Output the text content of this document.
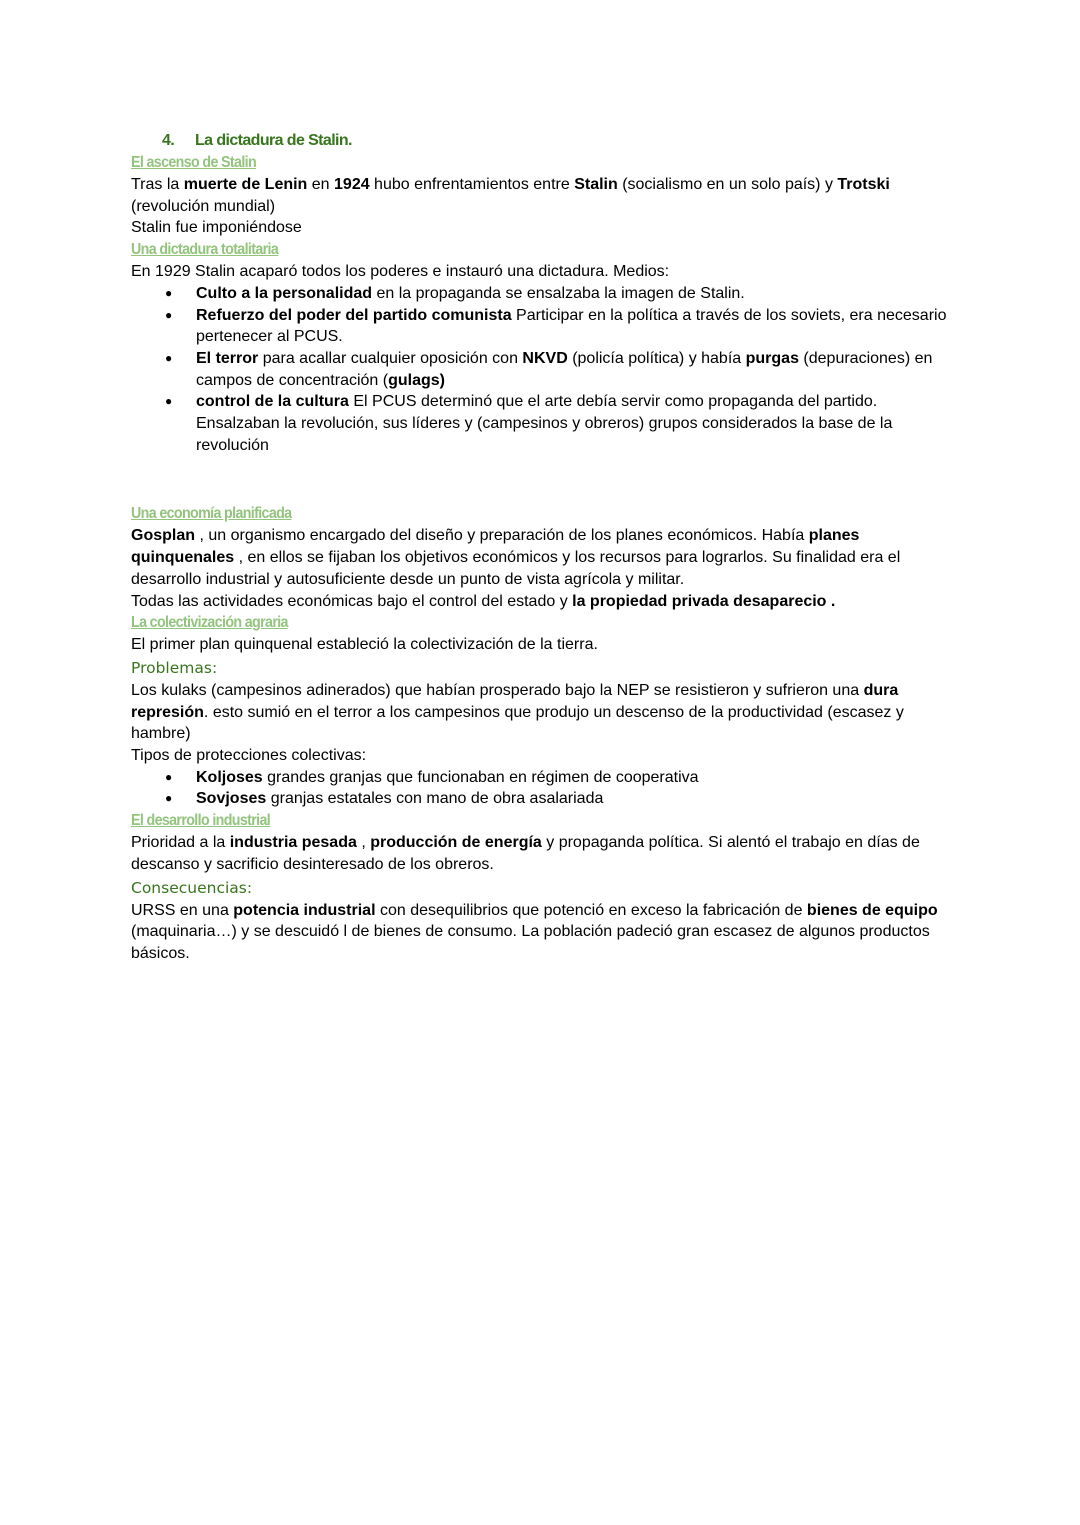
4.	La dictadura de Stalin.
El ascenso de Stalin

Tras la muerte de Lenin en 1924 hubo enfrentamientos entre Stalin (socialismo en un solo país) y Trotski (revolución mundial)

Stalin fue imponiéndose

Una dictadura totalitaria

En 1929 Stalin acaparó todos los poderes e instauró una dictadura. Medios:

● Culto a la personalidad en la propaganda se ensalzaba la imagen de Stalin.
● Refuerzo del poder del partido comunista Participar en la política a través de los soviets, era necesario pertenecer al PCUS.
● El terror para acallar cualquier oposición con NKVD (policía política) y había purgas (depuraciones) en campos de concentración (gulags)
● control de la cultura El PCUS determinó que el arte debía servir como propaganda del partido. Ensalzaban la revolución, sus líderes y (campesinos y obreros) grupos considerados la base de la revolución
Una economía planificada

Gosplan , un organismo encargado del diseño y preparación de los planes económicos. Había planes quinquenales , en ellos se fijaban los objetivos económicos y los recursos para lograrlos. Su finalidad era el desarrollo industrial y autosuficiente desde un punto de vista agrícola y militar.

Todas las actividades económicas bajo el control del estado y la propiedad privada desaparecio .

La colectivización agraria

El primer plan quinquenal estableció la colectivización de la tierra.

Problemas:

Los kulaks (campesinos adinerados) que habían prosperado bajo la NEP se resistieron y sufrieron una dura represión. esto sumió en el terror a los campesinos que produjo un descenso de la productividad (escasez y hambre)

Tipos de protecciones colectivas:

● Koljoses grandes granjas que funcionaban en régimen de cooperativa
● Sovjoses granjas estatales con mano de obra asalariada
El desarrollo industrial

Prioridad a la industria pesada , producción de energía y propaganda política. Si alentó el trabajo en días de descanso y sacrificio desinteresado de los obreros.

Consecuencias:

URSS en una potencia industrial con desequilibrios que potenció en exceso la fabricación de bienes de equipo (maquinaria…) y se descuidó l de bienes de consumo. La población padeció gran escasez de algunos productos básicos.
